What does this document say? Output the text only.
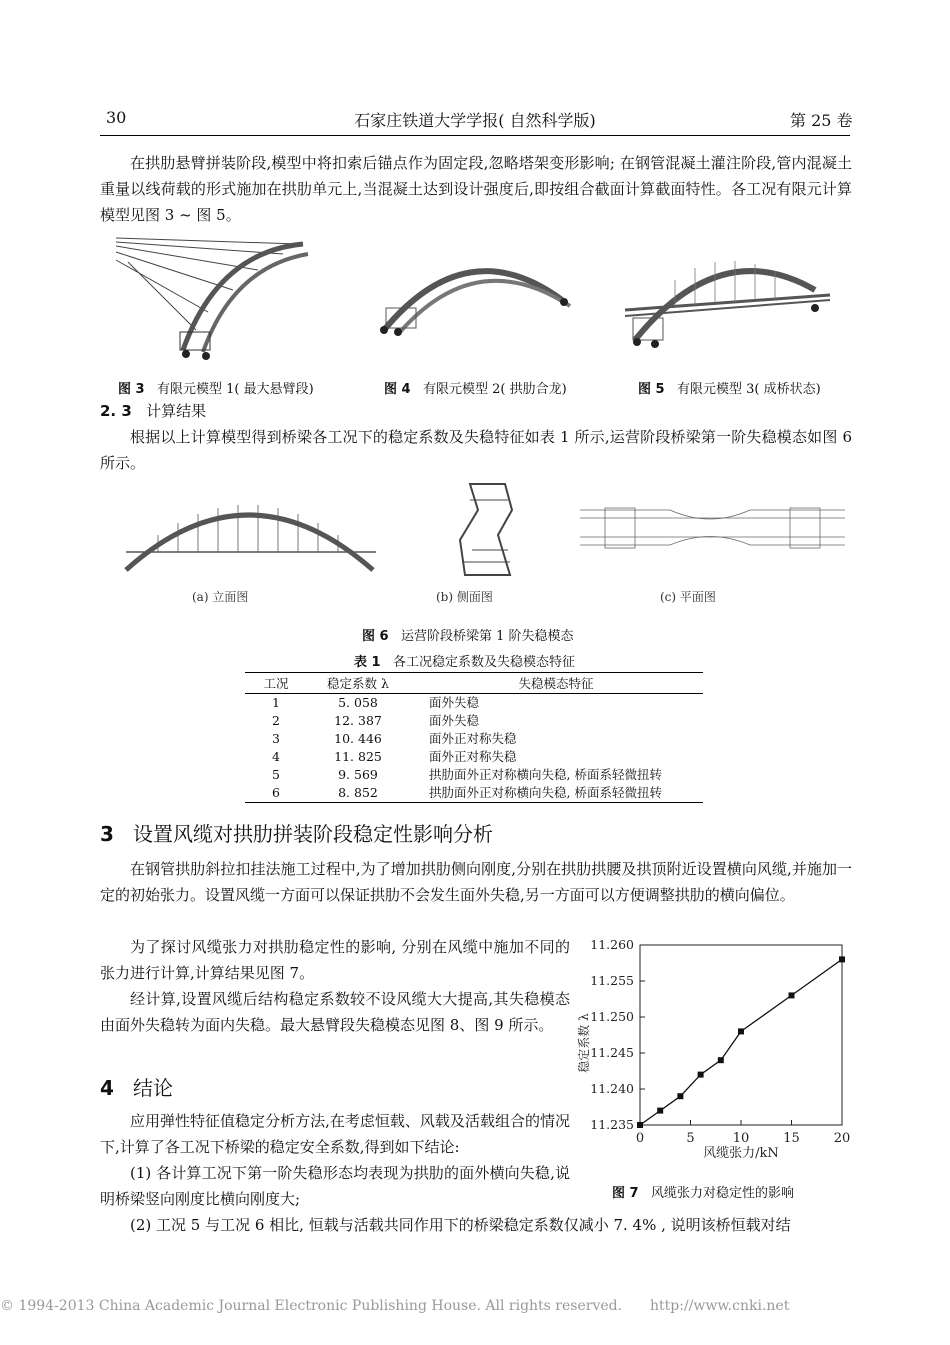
30	石家庄铁道大学学报( 自然科学版)	第 25 卷
在拱肋悬臂拼装阶段,模型中将扣索后锚点作为固定段,忽略塔架变形影响; 在钢管混凝土灌注阶段,管内混凝土重量以线荷载的形式施加在拱肋单元上,当混凝土达到设计强度后,即按组合截面计算截面特性。各工况有限元计算模型见图 3 ~ 图 5。
图 3 有限元模型 1( 最大悬臂段)	图 4 有限元模型 2( 拱肋合龙)	图 5 有限元模型 3( 成桥状态)
2. 3 计算结果
根据以上计算模型得到桥梁各工况下的稳定系数及失稳特征如表 1 所示,运营阶段桥梁第一阶失稳模态如图 6 所示。
(a) 立面图	(b) 侧面图	(c) 平面图
图 6 运营阶段桥梁第 1 阶失稳模态
表 1 各工况稳定系数及失稳模态特征
工况	稳定系数 λ	失稳模态特征
1	5. 058	面外失稳
2	12. 387	面外失稳
3	10. 446	面外正对称失稳
4	11. 825	面外正对称失稳
5	9. 569	拱肋面外正对称横向失稳, 桥面系轻微扭转
6	8. 852	拱肋面外正对称横向失稳, 桥面系轻微扭转
3 设置风缆对拱肋拼装阶段稳定性影响分析
在钢管拱肋斜拉扣挂法施工过程中,为了增加拱肋侧向刚度,分别在拱肋拱腰及拱顶附近设置横向风缆,并施加一定的初始张力。设置风缆一方面可以保证拱肋不会发生面外失稳,另一方面可以方便调整拱肋的横向偏位。
为了探讨风缆张力对拱肋稳定性的影响, 分别在风缆中施加不同的张力进行计算,计算结果见图 7。
经计算,设置风缆后结构稳定系数较不设风缆大大提高,其失稳模态由面外失稳转为面内失稳。最大悬臂段失稳模态见图 8、图 9 所示。
4 结论
应用弹性特征值稳定分析方法,在考虑恒载、风载及活载组合的情况下,计算了各工况下桥梁的稳定安全系数,得到如下结论:
(1) 各计算工况下第一阶失稳形态均表现为拱肋的面外横向失稳,说明桥梁竖向刚度比横向刚度大;
(2) 工况 5 与工况 6 相比, 恒载与活载共同作用下的桥梁稳定系数仅减小 7. 4% , 说明该桥恒载对结
稳定系数 λ
风缆张力/kN
0	5	10	15	20
11.235
11.240
11.245
11.250
11.255
11.260
图 7 风缆张力对稳定性的影响
© 1994-2013 China Academic Journal Electronic Publishing House. All rights reserved. http://www.cnki.net
